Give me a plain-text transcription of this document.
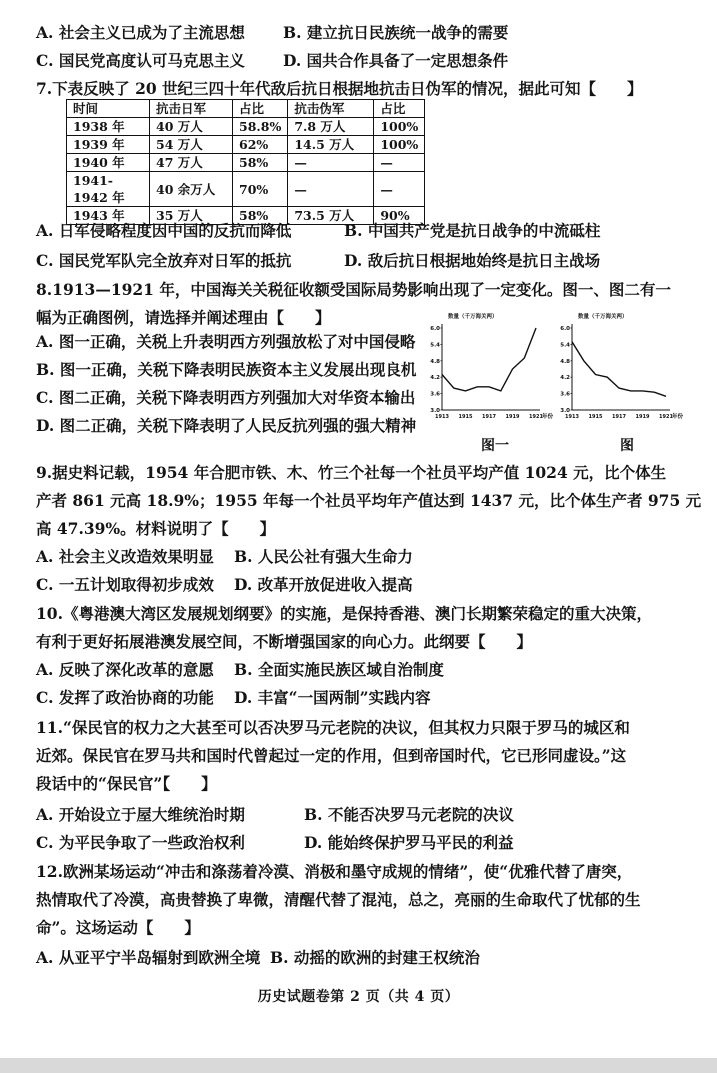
A. 社会主义已成为了主流思想 B. 建立抗日民族统一战争的需要
C. 国民党高度认可马克思主义 D. 国共合作具备了一定思想条件
7.下表反映了 20 世纪三四十年代敌后抗日根据地抗击日伪军的情况，据此可知【　　】
时间	抗击日军	占比	抗击伪军	占比
1938 年	40 万人	58.8%	7.8 万人	100%
1939 年	54 万人	62%	14.5 万人	100%
1940 年	47 万人	58%	—	—
1941-1942 年	40 余万人	70%	—	—
1943 年	35 万人	58%	73.5 万人	90%
A. 日军侵略程度因中国的反抗而降低	B. 中国共产党是抗日战争的中流砥柱
C. 国民党军队完全放弃对日军的抵抗	D. 敌后抗日根据地始终是抗日主战场
8.1913—1921 年，中国海关关税征收额受国际局势影响出现了一定变化。图一、图二有一
幅为正确图例，请选择并阐述理由【　　】
A. 图一正确，关税上升表明西方列强放松了对中国侵略
B. 图一正确，关税下降表明民族资本主义发展出现良机
C. 图二正确，关税下降表明西方列强加大对华资本输出
D. 图二正确，关税下降表明了人民反抗列强的强大精神
数量（千万海关两）
3.0
3.6
4.2
4.8
5.4
6.0
1913 1915 1917 1919 1921 年份
数量（千万海关两）
3.0
3.6
4.2
4.8
5.4
6.0
1913 1915 1917 1919 1921 年份
图一	图
9.据史料记载，1954 年合肥市铁、木、竹三个社每一个社员平均产值 1024 元，比个体生
产者 861 元高 18.9%；1955 年每一个社员平均年产值达到 1437 元，比个体生产者 975 元
高 47.39%。材料说明了【　　】
A. 社会主义改造效果明显 B. 人民公社有强大生命力
C. 一五计划取得初步成效 D. 改革开放促进收入提高
10.《粤港澳大湾区发展规划纲要》的实施，是保持香港、澳门长期繁荣稳定的重大决策，
有利于更好拓展港澳发展空间，不断增强国家的向心力。此纲要【　　】
A. 反映了深化改革的意愿 B. 全面实施民族区域自治制度
C. 发挥了政治协商的功能 D. 丰富“一国两制”实践内容
11.“保民官的权力之大甚至可以否决罗马元老院的决议，但其权力只限于罗马的城区和
近郊。保民官在罗马共和国时代曾起过一定的作用，但到帝国时代，它已形同虚设。”这
段话中的“保民官”【　　】
A. 开始设立于屋大维统治时期	B. 不能否决罗马元老院的决议
C. 为平民争取了一些政治权利	D. 能始终保护罗马平民的利益
12.欧洲某场运动“冲击和涤荡着冷漠、消极和墨守成规的情绪”，使“优雅代替了唐突，
热情取代了冷漠，高贵替换了卑微，清醒代替了混沌，总之，亮丽的生命取代了忧郁的生
命”。这场运动【　　】
A. 从亚平宁半岛辐射到欧洲全境 B. 动摇的欧洲的封建王权统治
历史试题卷第 2 页（共 4 页）
